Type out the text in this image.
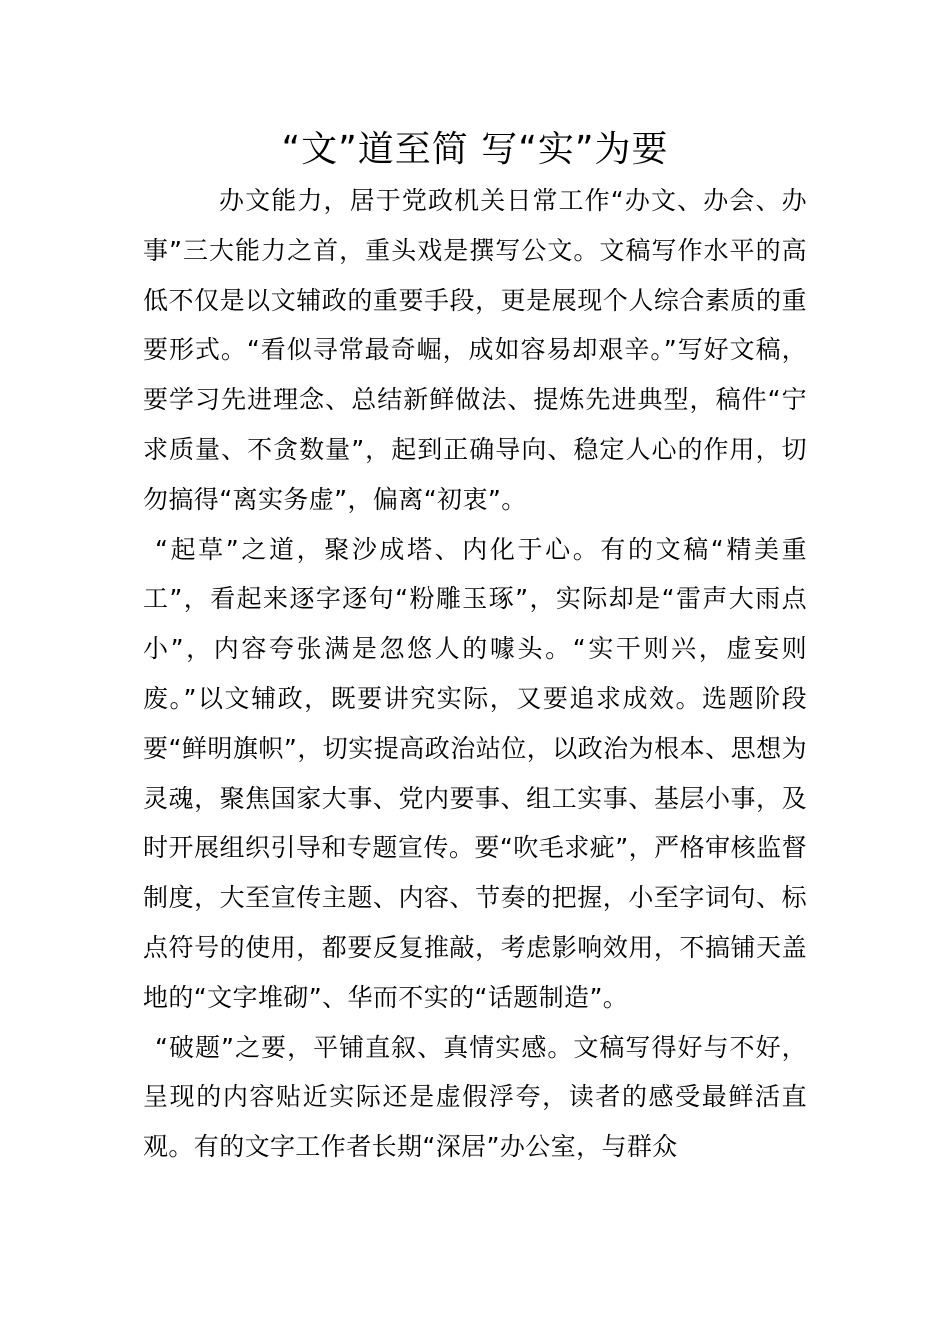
“文”道至简 写“实”为要

办文能力，居于党政机关日常工作“办文、办会、办事”三大能力之首，重头戏是撰写公文。文稿写作水平的高低不仅是以文辅政的重要手段，更是展现个人综合素质的重要形式。“看似寻常最奇崛，成如容易却艰辛。”写好文稿，要学习先进理念、总结新鲜做法、提炼先进典型，稿件“宁求质量、不贪数量”，起到正确导向、稳定人心的作用，切勿搞得“离实务虚”，偏离“初衷”。

“起草”之道，聚沙成塔、内化于心。有的文稿“精美重工”，看起来逐字逐句“粉雕玉琢”，实际却是“雷声大雨点小”，内容夸张满是忽悠人的噱头。“实干则兴，虚妄则废。”以文辅政，既要讲究实际，又要追求成效。选题阶段要“鲜明旗帜”，切实提高政治站位，以政治为根本、思想为灵魂，聚焦国家大事、党内要事、组工实事、基层小事，及时开展组织引导和专题宣传。要“吹毛求疵”，严格审核监督制度，大至宣传主题、内容、节奏的把握，小至字词句、标点符号的使用，都要反复推敲，考虑影响效用，不搞铺天盖地的“文字堆砌”、华而不实的“话题制造”。

“破题”之要，平铺直叙、真情实感。文稿写得好与不好，呈现的内容贴近实际还是虚假浮夸，读者的感受最鲜活直观。有的文字工作者长期“深居”办公室，与群众
